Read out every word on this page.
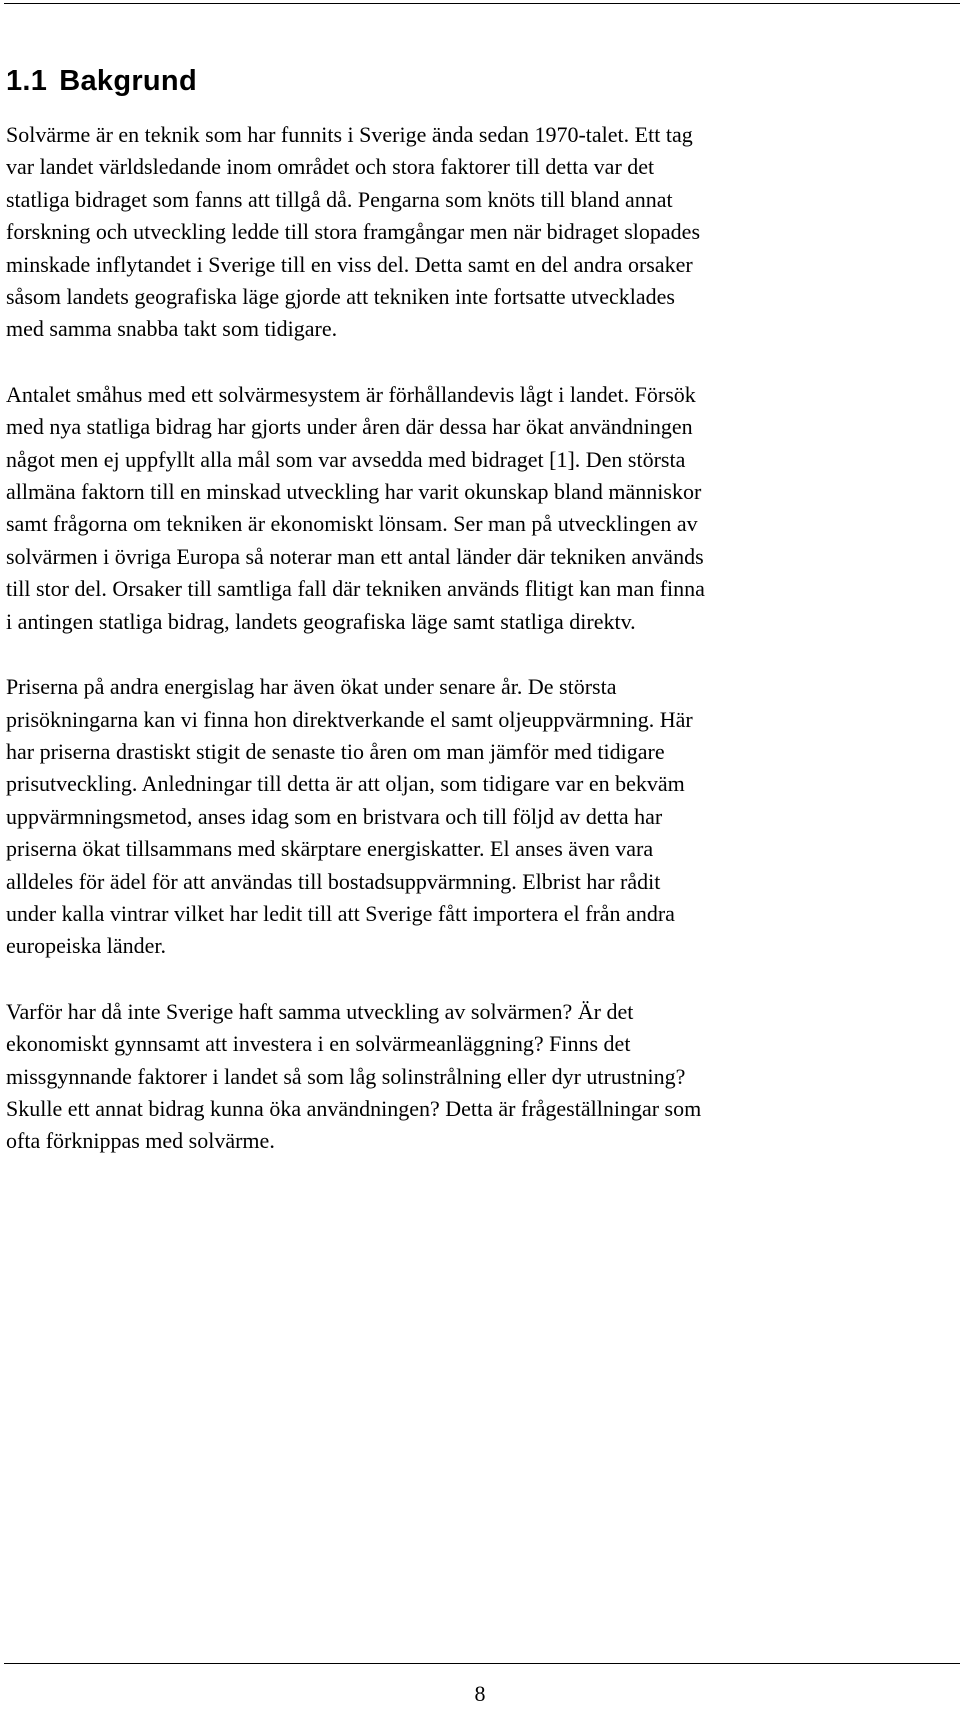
1.1 Bakgrund

Solvärme är en teknik som har funnits i Sverige ända sedan 1970-talet. Ett tag
var landet världsledande inom området och stora faktorer till detta var det
statliga bidraget som fanns att tillgå då. Pengarna som knöts till bland annat
forskning och utveckling ledde till stora framgångar men när bidraget slopades
minskade inflytandet i Sverige till en viss del. Detta samt en del andra orsaker
såsom landets geografiska läge gjorde att tekniken inte fortsatte utvecklades
med samma snabba takt som tidigare.

Antalet småhus med ett solvärmesystem är förhållandevis lågt i landet. Försök
med nya statliga bidrag har gjorts under åren där dessa har ökat användningen
något men ej uppfyllt alla mål som var avsedda med bidraget [1]. Den största
allmäna faktorn till en minskad utveckling har varit okunskap bland människor
samt frågorna om tekniken är ekonomiskt lönsam. Ser man på utvecklingen av
solvärmen i övriga Europa så noterar man ett antal länder där tekniken används
till stor del. Orsaker till samtliga fall där tekniken används flitigt kan man finna
i antingen statliga bidrag, landets geografiska läge samt statliga direktv.

Priserna på andra energislag har även ökat under senare år. De största
prisökningarna kan vi finna hon direktverkande el samt oljeuppvärmning. Här
har priserna drastiskt stigit de senaste tio åren om man jämför med tidigare
prisutveckling. Anledningar till detta är att oljan, som tidigare var en bekväm
uppvärmningsmetod, anses idag som en bristvara och till följd av detta har
priserna ökat tillsammans med skärptare energiskatter. El anses även vara
alldeles för ädel för att användas till bostadsuppvärmning. Elbrist har rådit
under kalla vintrar vilket har ledit till att Sverige fått importera el från andra
europeiska länder.

Varför har då inte Sverige haft samma utveckling av solvärmen? Är det
ekonomiskt gynnsamt att investera i en solvärmeanläggning? Finns det
missgynnande faktorer i landet så som låg solinstrålning eller dyr utrustning?
Skulle ett annat bidrag kunna öka användningen? Detta är frågeställningar som
ofta förknippas med solvärme.

8
